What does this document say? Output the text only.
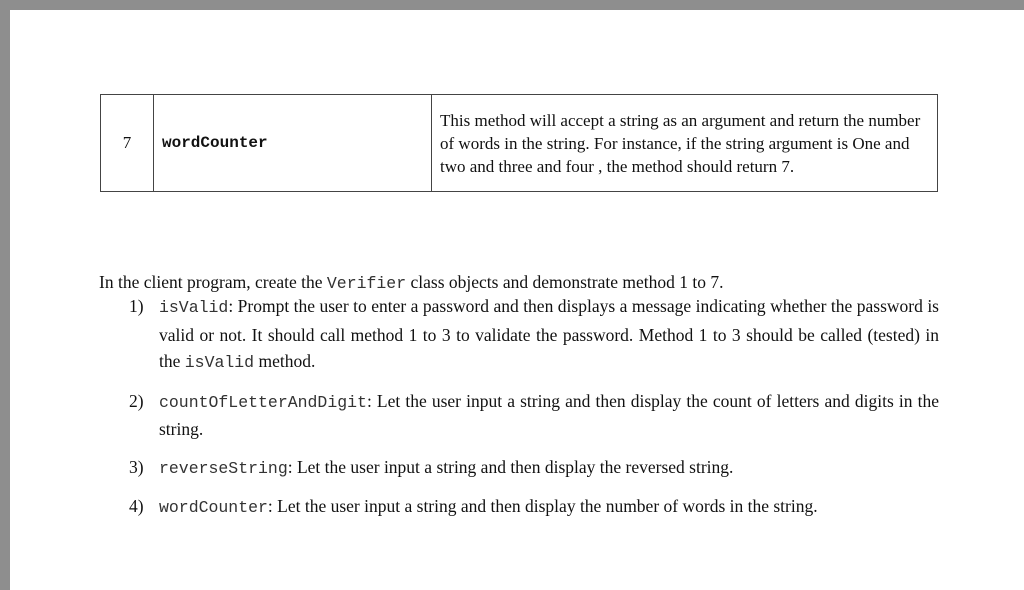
7	wordCounter	This method will accept a string as an argument and return the number of words in the string. For instance, if the string argument is One and two and three and four , the method should return 7.

In the client program, create the Verifier class objects and demonstrate method 1 to 7.

1) isValid: Prompt the user to enter a password and then displays a message indicating whether the password is valid or not. It should call method 1 to 3 to validate the password. Method 1 to 3 should be called (tested) in the isValid method.
2) countOfLetterAndDigit: Let the user input a string and then display the count of letters and digits in the string.
3) reverseString: Let the user input a string and then display the reversed string.
4) wordCounter: Let the user input a string and then display the number of words in the string.
